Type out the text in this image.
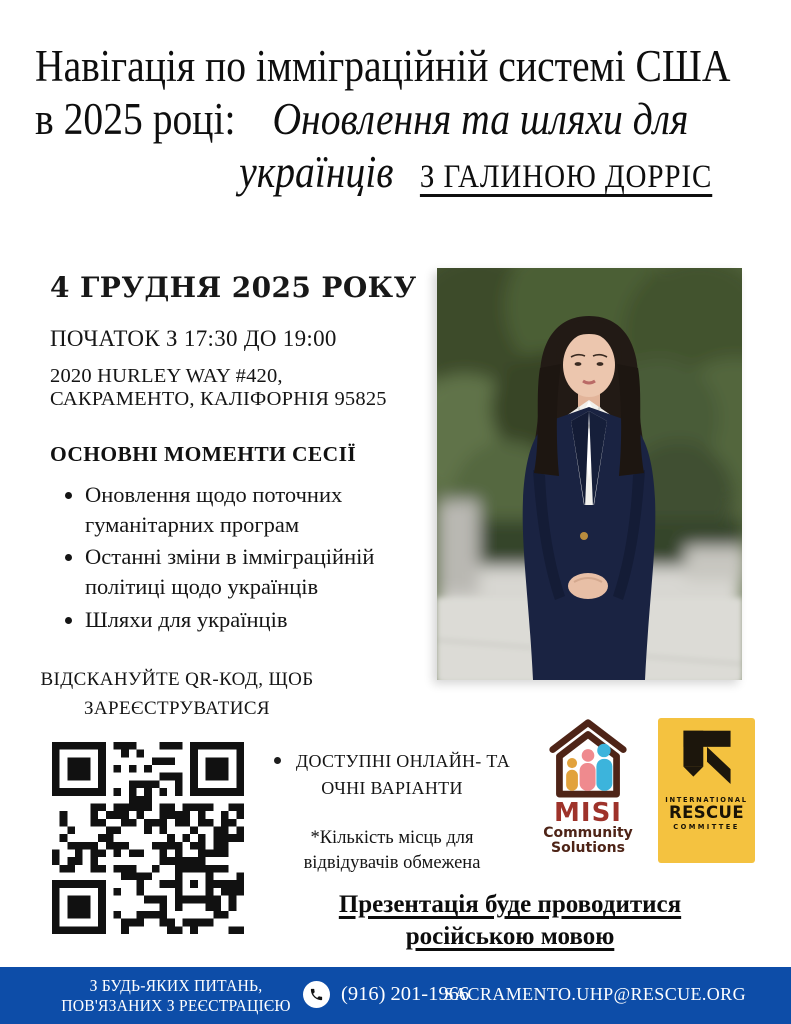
Навігація по імміграційній системі США
в 2025 році: Оновлення та шляхи для
українців З ГАЛИНОЮ ДОРРІС
4 ГРУДНЯ 2025 РОКУ
ПОЧАТОК З 17:30 ДО 19:00
2020 HURLEY WAY #420,
САКРАМЕНТО, КАЛІФОРНІЯ 95825
ОСНОВНІ МОМЕНТИ СЕСІЇ
• Оновлення щодо поточних гуманітарних програм
• Останні зміни в імміграційній політиці щодо українців
• Шляхи для українців
ВІДСКАНУЙТЕ QR-КОД, ЩОБ
ЗАРЕЄСТРУВАТИСЯ
ДОСТУПНІ ОНЛАЙН- ТА
ОЧНІ ВАРІАНТИ
*Кількість місць для
відвідувачів обмежена
MISI
Community
Solutions
INTERNATIONAL
RESCUE
COMMITTEE
Презентація буде проводитися
російською мовою
З БУДЬ-ЯКИХ ПИТАНЬ,
ПОВ'ЯЗАНИХ З РЕЄСТРАЦІЄЮ
(916) 201-1966
SACRAMENTO.UHP@RESCUE.ORG
